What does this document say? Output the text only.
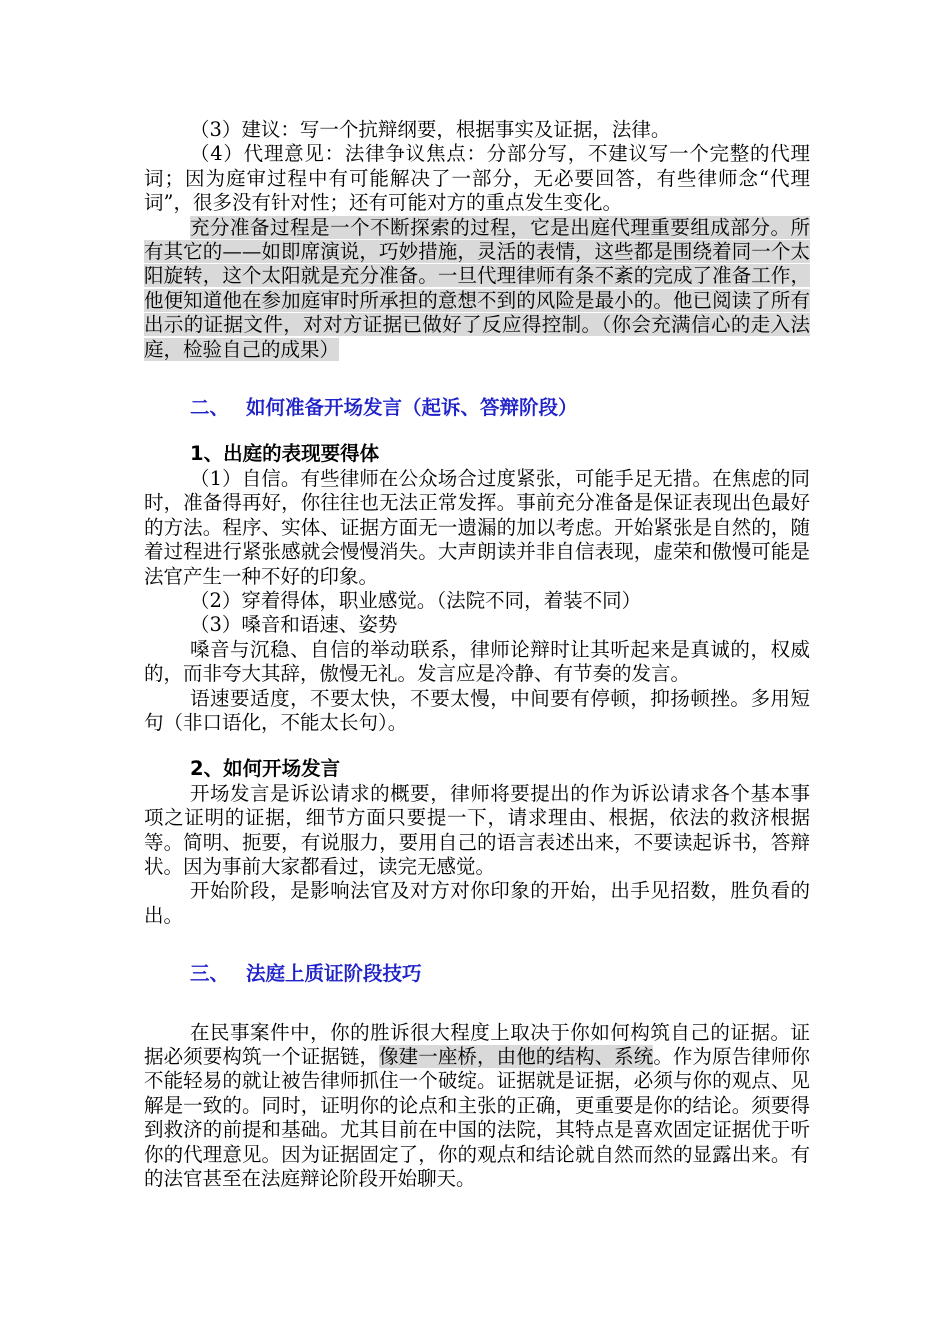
（3）建议：写一个抗辩纲要，根据事实及证据，法律。

（4）代理意见：法律争议焦点：分部分写，不建议写一个完整的代理词；因为庭审过程中有可能解决了一部分，无必要回答，有些律师念“代理词”，很多没有针对性；还有可能对方的重点发生变化。

充分准备过程是一个不断探索的过程，它是出庭代理重要组成部分。所有其它的——如即席演说，巧妙措施，灵活的表情，这些都是围绕着同一个太阳旋转，这个太阳就是充分准备。一旦代理律师有条不紊的完成了准备工作，他便知道他在参加庭审时所承担的意想不到的风险是最小的。他已阅读了所有出示的证据文件，对对方证据已做好了反应得控制。（你会充满信心的走入法庭，检验自己的成果）

二、 如何准备开场发言（起诉、答辩阶段）
1、出庭的表现要得体

（1）自信。有些律师在公众场合过度紧张，可能手足无措。在焦虑的同时，准备得再好，你往往也无法正常发挥。事前充分准备是保证表现出色最好的方法。程序、实体、证据方面无一遗漏的加以考虑。开始紧张是自然的，随着过程进行紧张感就会慢慢消失。大声朗读并非自信表现，虚荣和傲慢可能是法官产生一种不好的印象。

（2）穿着得体，职业感觉。（法院不同，着装不同）

（3）嗓音和语速、姿势

嗓音与沉稳、自信的举动联系，律师论辩时让其听起来是真诚的，权威的，而非夸大其辞，傲慢无礼。发言应是冷静、有节奏的发言。

语速要适度，不要太快，不要太慢，中间要有停顿，抑扬顿挫。多用短句（非口语化，不能太长句）。

2、如何开场发言

开场发言是诉讼请求的概要，律师将要提出的作为诉讼请求各个基本事项之证明的证据，细节方面只要提一下，请求理由、根据，依法的救济根据等。简明、扼要，有说服力，要用自己的语言表述出来，不要读起诉书，答辩状。因为事前大家都看过，读完无感觉。

开始阶段，是影响法官及对方对你印象的开始，出手见招数，胜负看的出。

三、 法庭上质证阶段技巧

在民事案件中，你的胜诉很大程度上取决于你如何构筑自己的证据。证据必须要构筑一个证据链，像建一座桥，由他的结构、系统。作为原告律师你不能轻易的就让被告律师抓住一个破绽。证据就是证据，必须与你的观点、见解是一致的。同时，证明你的论点和主张的正确，更重要是你的结论。须要得到救济的前提和基础。尤其目前在中国的法院，其特点是喜欢固定证据优于听你的代理意见。因为证据固定了，你的观点和结论就自然而然的显露出来。有的法官甚至在法庭辩论阶段开始聊天。
